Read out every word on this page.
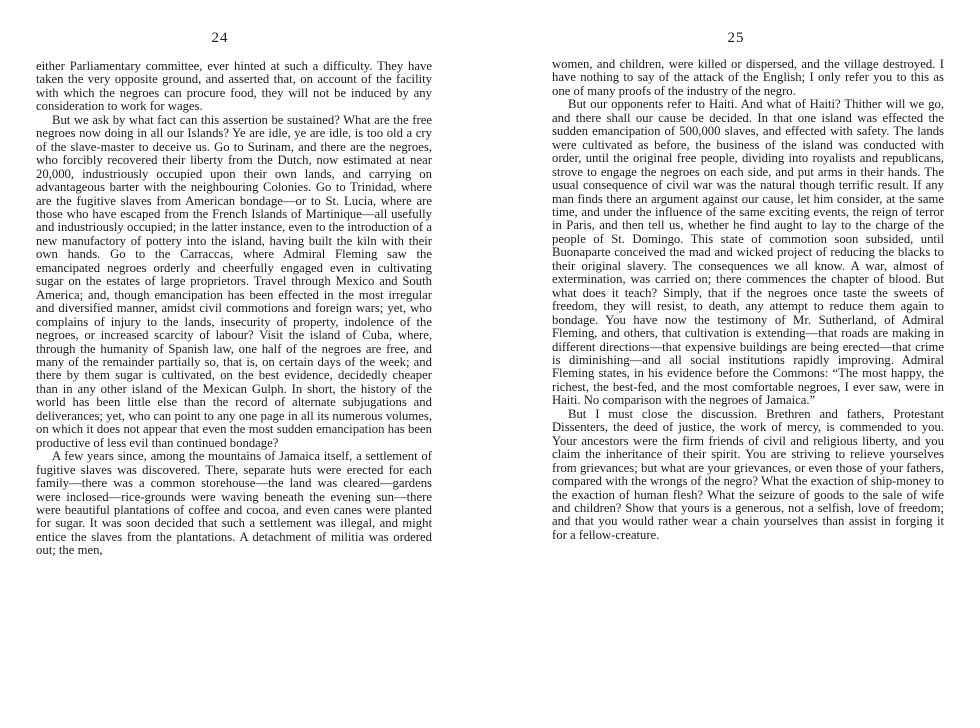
24

either Parliamentary committee, ever hinted at such a difficulty. They have taken the very opposite ground, and asserted that, on account of the facility with which the negroes can procure food, they will not be induced by any consideration to work for wages.

But we ask by what fact can this assertion be sustained? What are the free negroes now doing in all our Islands? Ye are idle, ye are idle, is too old a cry of the slave-master to deceive us. Go to Surinam, and there are the negroes, who forcibly recovered their liberty from the Dutch, now estimated at near 20,000, industriously occupied upon their own lands, and carrying on advantageous barter with the neighbouring Colonies. Go to Trinidad, where are the fugitive slaves from American bondage—or to St. Lucia, where are those who have escaped from the French Islands of Martinique—all usefully and industriously occupied; in the latter instance, even to the introduction of a new manufactory of pottery into the island, having built the kiln with their own hands. Go to the Carraccas, where Admiral Fleming saw the emancipated negroes orderly and cheerfully engaged even in cultivating sugar on the estates of large proprietors. Travel through Mexico and South America; and, though emancipation has been effected in the most irregular and diversified manner, amidst civil commotions and foreign wars; yet, who complains of injury to the lands, insecurity of property, indolence of the negroes, or increased scarcity of labour? Visit the island of Cuba, where, through the humanity of Spanish law, one half of the negroes are free, and many of the remainder partially so, that is, on certain days of the week; and there by them sugar is cultivated, on the best evidence, decidedly cheaper than in any other island of the Mexican Gulph. In short, the history of the world has been little else than the record of alternate subjugations and deliverances; yet, who can point to any one page in all its numerous volumes, on which it does not appear that even the most sudden emancipation has been productive of less evil than continued bondage?

A few years since, among the mountains of Jamaica itself, a settlement of fugitive slaves was discovered. There, separate huts were erected for each family—there was a common storehouse—the land was cleared—gardens were inclosed—rice-grounds were waving beneath the evening sun—there were beautiful plantations of coffee and cocoa, and even canes were planted for sugar. It was soon decided that such a settlement was illegal, and might entice the slaves from the plantations. A detachment of militia was ordered out; the men,

25

women, and children, were killed or dispersed, and the village destroyed. I have nothing to say of the attack of the English; I only refer you to this as one of many proofs of the industry of the negro.

But our opponents refer to Haiti. And what of Haiti? Thither will we go, and there shall our cause be decided. In that one island was effected the sudden emancipation of 500,000 slaves, and effected with safety. The lands were cultivated as before, the business of the island was conducted with order, until the original free people, dividing into royalists and republicans, strove to engage the negroes on each side, and put arms in their hands. The usual consequence of civil war was the natural though terrific result. If any man finds there an argument against our cause, let him consider, at the same time, and under the influence of the same exciting events, the reign of terror in Paris, and then tell us, whether he find aught to lay to the charge of the people of St. Domingo. This state of commotion soon subsided, until Buonaparte conceived the mad and wicked project of reducing the blacks to their original slavery. The consequences we all know. A war, almost of extermination, was carried on; there commences the chapter of blood. But what does it teach? Simply, that if the negroes once taste the sweets of freedom, they will resist, to death, any attempt to reduce them again to bondage. You have now the testimony of Mr. Sutherland, of Admiral Fleming, and others, that cultivation is extending—that roads are making in different directions—that expensive buildings are being erected—that crime is diminishing—and all social institutions rapidly improving. Admiral Fleming states, in his evidence before the Commons: “The most happy, the richest, the best-fed, and the most comfortable negroes, I ever saw, were in Haiti. No comparison with the negroes of Jamaica.”

But I must close the discussion. Brethren and fathers, Protestant Dissenters, the deed of justice, the work of mercy, is commended to you. Your ancestors were the firm friends of civil and religious liberty, and you claim the inheritance of their spirit. You are striving to relieve yourselves from grievances; but what are your grievances, or even those of your fathers, compared with the wrongs of the negro? What the exaction of ship-money to the exaction of human flesh? What the seizure of goods to the sale of wife and children? Show that yours is a generous, not a selfish, love of freedom; and that you would rather wear a chain yourselves than assist in forging it for a fellow-creature.
